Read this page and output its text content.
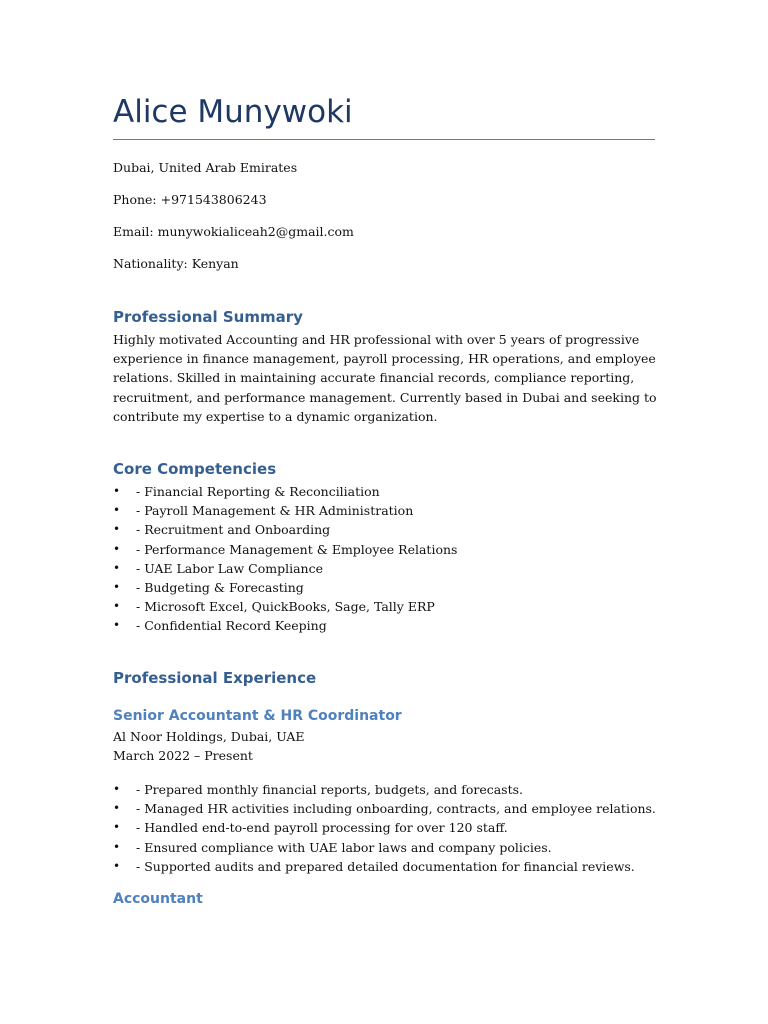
Alice Munywoki
Dubai, United Arab Emirates
Phone: +971543806243
Email: munywokialiceah2@gmail.com
Nationality: Kenyan
Professional Summary
Highly motivated Accounting and HR professional with over 5 years of progressive
experience in finance management, payroll processing, HR operations, and employee
relations. Skilled in maintaining accurate financial records, compliance reporting,
recruitment, and performance management. Currently based in Dubai and seeking to
contribute my expertise to a dynamic organization.
Core Competencies
• - Financial Reporting & Reconciliation
• - Payroll Management & HR Administration
• - Recruitment and Onboarding
• - Performance Management & Employee Relations
• - UAE Labor Law Compliance
• - Budgeting & Forecasting
• - Microsoft Excel, QuickBooks, Sage, Tally ERP
• - Confidential Record Keeping
Professional Experience
Senior Accountant & HR Coordinator
Al Noor Holdings, Dubai, UAE
March 2022 – Present
• - Prepared monthly financial reports, budgets, and forecasts.
• - Managed HR activities including onboarding, contracts, and employee relations.
• - Handled end-to-end payroll processing for over 120 staff.
• - Ensured compliance with UAE labor laws and company policies.
• - Supported audits and prepared detailed documentation for financial reviews.
Accountant
